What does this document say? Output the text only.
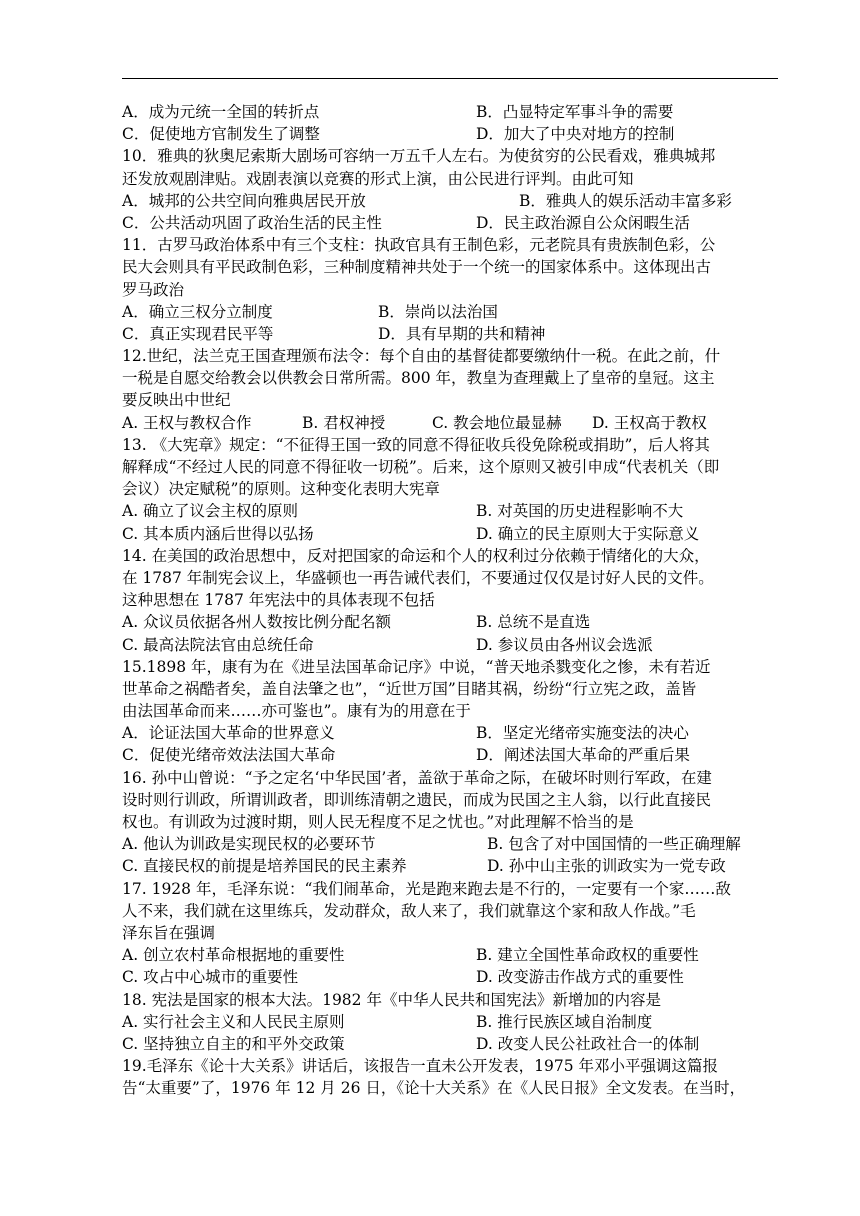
A．成为元统一全国的转折点	B．凸显特定军事斗争的需要
C．促使地方官制发生了调整	D．加大了中央对地方的控制
10．雅典的狄奥尼索斯大剧场可容纳一万五千人左右。为使贫穷的公民看戏，雅典城邦
还发放观剧津贴。戏剧表演以竞赛的形式上演，由公民进行评判。由此可知
A．城邦的公共空间向雅典居民开放	B．雅典人的娱乐活动丰富多彩
C．公共活动巩固了政治生活的民主性	D．民主政治源自公众闲暇生活
11．古罗马政治体系中有三个支柱：执政官具有王制色彩，元老院具有贵族制色彩，公
民大会则具有平民政制色彩，三种制度精神共处于一个统一的国家体系中。这体现出古
罗马政治
A．确立三权分立制度	B．崇尚以法治国
C．真正实现君民平等	D．具有早期的共和精神
12.世纪，法兰克王国查理颁布法令：每个自由的基督徒都要缴纳什一税。在此之前，什
一税是自愿交给教会以供教会日常所需。800 年，教皇为查理戴上了皇帝的皇冠。这主
要反映出中世纪
A. 王权与教权合作	B. 君权神授	C. 教会地位最显赫 D. 王权高于教权
13. 《大宪章》规定：“不征得王国一致的同意不得征收兵役免除税或捐助”，后人将其
解释成“不经过人民的同意不得征收一切税”。后来，这个原则又被引申成“代表机关（即
会议）决定赋税”的原则。这种变化表明大宪章
A. 确立了议会主权的原则	B. 对英国的历史进程影响不大
C. 其本质内涵后世得以弘扬	D. 确立的民主原则大于实际意义
14. 在美国的政治思想中，反对把国家的命运和个人的权利过分依赖于情绪化的大众，
在 1787 年制宪会议上，华盛顿也一再告诫代表们，不要通过仅仅是讨好人民的文件。
这种思想在 1787 年宪法中的具体表现不包括
A. 众议员依据各州人数按比例分配名额	B. 总统不是直选
C. 最高法院法官由总统任命	D. 参议员由各州议会选派
15.1898 年，康有为在《进呈法国革命记序》中说，“普天地杀戮变化之惨，未有若近
世革命之祸酷者矣，盖自法肇之也”，“近世万国”目睹其祸，纷纷“行立宪之政，盖皆
由法国革命而来……亦可鉴也”。康有为的用意在于
A．论证法国大革命的世界意义	B．坚定光绪帝实施变法的决心
C．促使光绪帝效法法国大革命	D．阐述法国大革命的严重后果
16. 孙中山曾说：“予之定名‘中华民国’者，盖欲于革命之际，在破坏时则行军政，在建
设时则行训政，所谓训政者，即训练清朝之遗民，而成为民国之主人翁，以行此直接民
权也。有训政为过渡时期，则人民无程度不足之忧也。”对此理解不恰当的是
A. 他认为训政是实现民权的必要环节	B. 包含了对中国国情的一些正确理解
C. 直接民权的前提是培养国民的民主素养	D. 孙中山主张的训政实为一党专政
17. 1928 年，毛泽东说：“我们闹革命，光是跑来跑去是不行的，一定要有一个家……敌
人不来，我们就在这里练兵，发动群众，敌人来了，我们就靠这个家和敌人作战。”毛
泽东旨在强调
A. 创立农村革命根据地的重要性	B. 建立全国性革命政权的重要性
C. 攻占中心城市的重要性	D. 改变游击作战方式的重要性
18. 宪法是国家的根本大法。1982 年《中华人民共和国宪法》新增加的内容是
A. 实行社会主义和人民民主原则	B. 推行民族区域自治制度
C. 坚持独立自主的和平外交政策	D. 改变人民公社政社合一的体制
19.毛泽东《论十大关系》讲话后，该报告一直未公开发表，1975 年邓小平强调这篇报
告“太重要”了，1976 年 12 月 26 日，《论十大关系》在《人民日报》全文发表。在当时，
